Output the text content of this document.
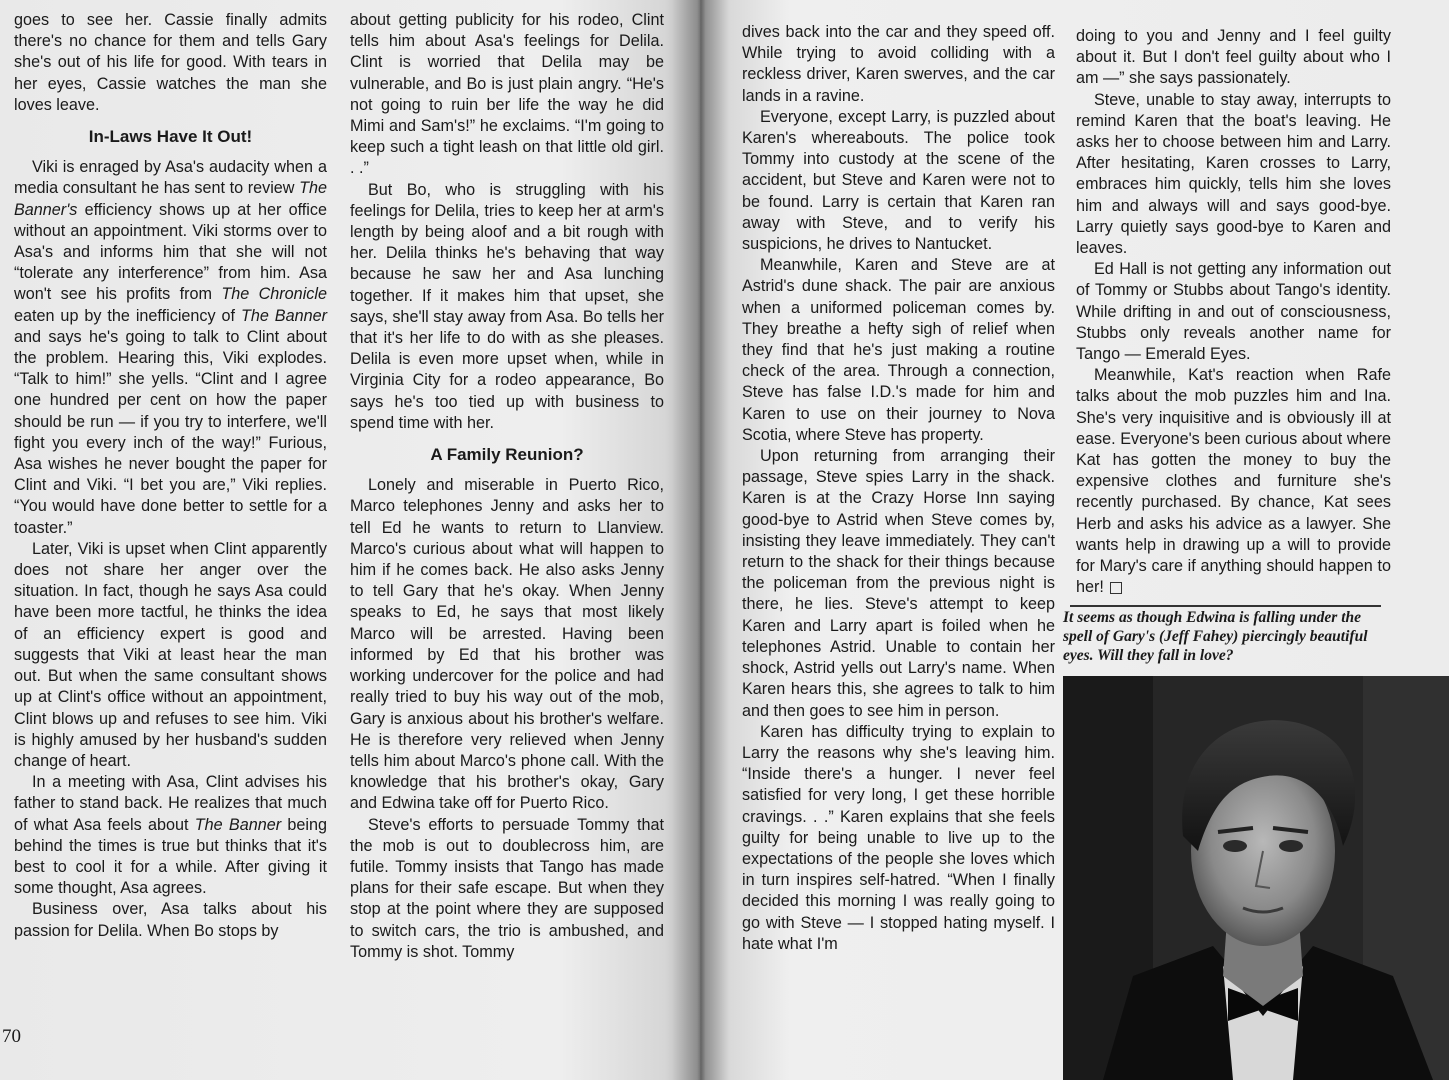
goes to see her. Cassie finally admits there's no chance for them and tells Gary she's out of his life for good. With tears in her eyes, Cassie watches the man she loves leave.

In-Laws Have It Out!

Viki is enraged by Asa's audacity when a media consultant he has sent to review The Banner's efficiency shows up at her office without an appointment. Viki storms over to Asa's and informs him that she will not “tolerate any interference” from him. Asa won't see his profits from The Chronicle eaten up by the inefficiency of The Banner and says he's going to talk to Clint about the problem. Hearing this, Viki explodes. “Talk to him!” she yells. “Clint and I agree one hundred per cent on how the paper should be run — if you try to interfere, we'll fight you every inch of the way!” Furious, Asa wishes he never bought the paper for Clint and Viki. “I bet you are,” Viki replies. “You would have done better to settle for a toaster.”

Later, Viki is upset when Clint apparently does not share her anger over the situation. In fact, though he says Asa could have been more tactful, he thinks the idea of an efficiency expert is good and suggests that Viki at least hear the man out. But when the same consultant shows up at Clint's office without an appointment, Clint blows up and refuses to see him. Viki is highly amused by her husband's sudden change of heart.

In a meeting with Asa, Clint advises his father to stand back. He realizes that much of what Asa feels about The Banner being behind the times is true but thinks that it's best to cool it for a while. After giving it some thought, Asa agrees.

Business over, Asa talks about his passion for Delila. When Bo stops by

about getting publicity for his rodeo, Clint tells him about Asa's feelings for Delila. Clint is worried that Delila may be vulnerable, and Bo is just plain angry. “He's not going to ruin ber life the way he did Mimi and Sam's!” he exclaims. “I'm going to keep such a tight leash on that little old girl. . .”

But Bo, who is struggling with his feelings for Delila, tries to keep her at arm's length by being aloof and a bit rough with her. Delila thinks he's behaving that way because he saw her and Asa lunching together. If it makes him that upset, she says, she'll stay away from Asa. Bo tells her that it's her life to do with as she pleases. Delila is even more upset when, while in Virginia City for a rodeo appearance, Bo says he's too tied up with business to spend time with her.

A Family Reunion?

Lonely and miserable in Puerto Rico, Marco telephones Jenny and asks her to tell Ed he wants to return to Llanview. Marco's curious about what will happen to him if he comes back. He also asks Jenny to tell Gary that he's okay. When Jenny speaks to Ed, he says that most likely Marco will be arrested. Having been informed by Ed that his brother was working undercover for the police and had really tried to buy his way out of the mob, Gary is anxious about his brother's welfare. He is therefore very relieved when Jenny tells him about Marco's phone call. With the knowledge that his brother's okay, Gary and Edwina take off for Puerto Rico.

Steve's efforts to persuade Tommy that the mob is out to doublecross him, are futile. Tommy insists that Tango has made plans for their safe escape. But when they stop at the point where they are supposed to switch cars, the trio is ambushed, and Tommy is shot. Tommy

70

dives back into the car and they speed off. While trying to avoid colliding with a reckless driver, Karen swerves, and the car lands in a ravine.

Everyone, except Larry, is puzzled about Karen's whereabouts. The police took Tommy into custody at the scene of the accident, but Steve and Karen were not to be found. Larry is certain that Karen ran away with Steve, and to verify his suspicions, he drives to Nantucket.

Meanwhile, Karen and Steve are at Astrid's dune shack. The pair are anxious when a uniformed policeman comes by. They breathe a hefty sigh of relief when they find that he's just making a routine check of the area. Through a connection, Steve has false I.D.'s made for him and Karen to use on their journey to Nova Scotia, where Steve has property.

Upon returning from arranging their passage, Steve spies Larry in the shack. Karen is at the Crazy Horse Inn saying good-bye to Astrid when Steve comes by, insisting they leave immediately. They can't return to the shack for their things because the policeman from the previous night is there, he lies. Steve's attempt to keep Karen and Larry apart is foiled when he telephones Astrid. Unable to contain her shock, Astrid yells out Larry's name. When Karen hears this, she agrees to talk to him and then goes to see him in person.

Karen has difficulty trying to explain to Larry the reasons why she's leaving him. “Inside there's a hunger. I never feel satisfied for very long, I get these horrible cravings. . .” Karen explains that she feels guilty for being unable to live up to the expectations of the people she loves which in turn inspires self-hatred. “When I finally decided this morning I was really going to go with Steve — I stopped hating myself. I hate what I'm

doing to you and Jenny and I feel guilty about it. But I don't feel guilty about who I am —” she says passionately.

Steve, unable to stay away, interrupts to remind Karen that the boat's leaving. He asks her to choose between him and Larry. After hesitating, Karen crosses to Larry, embraces him quickly, tells him she loves him and always will and says good-bye. Larry quietly says good-bye to Karen and leaves.

Ed Hall is not getting any information out of Tommy or Stubbs about Tango's identity. While drifting in and out of consciousness, Stubbs only reveals another name for Tango — Emerald Eyes.

Meanwhile, Kat's reaction when Rafe talks about the mob puzzles him and Ina. She's very inquisitive and is obviously ill at ease. Everyone's been curious about where Kat has gotten the money to buy the expensive clothes and furniture she's recently purchased. By chance, Kat sees Herb and asks his advice as a lawyer. She wants help in drawing up a will to provide for Mary's care if anything should happen to her!

It seems as though Edwina is falling under the spell of Gary's (Jeff Fahey) piercingly beautiful eyes. Will they fall in love?
